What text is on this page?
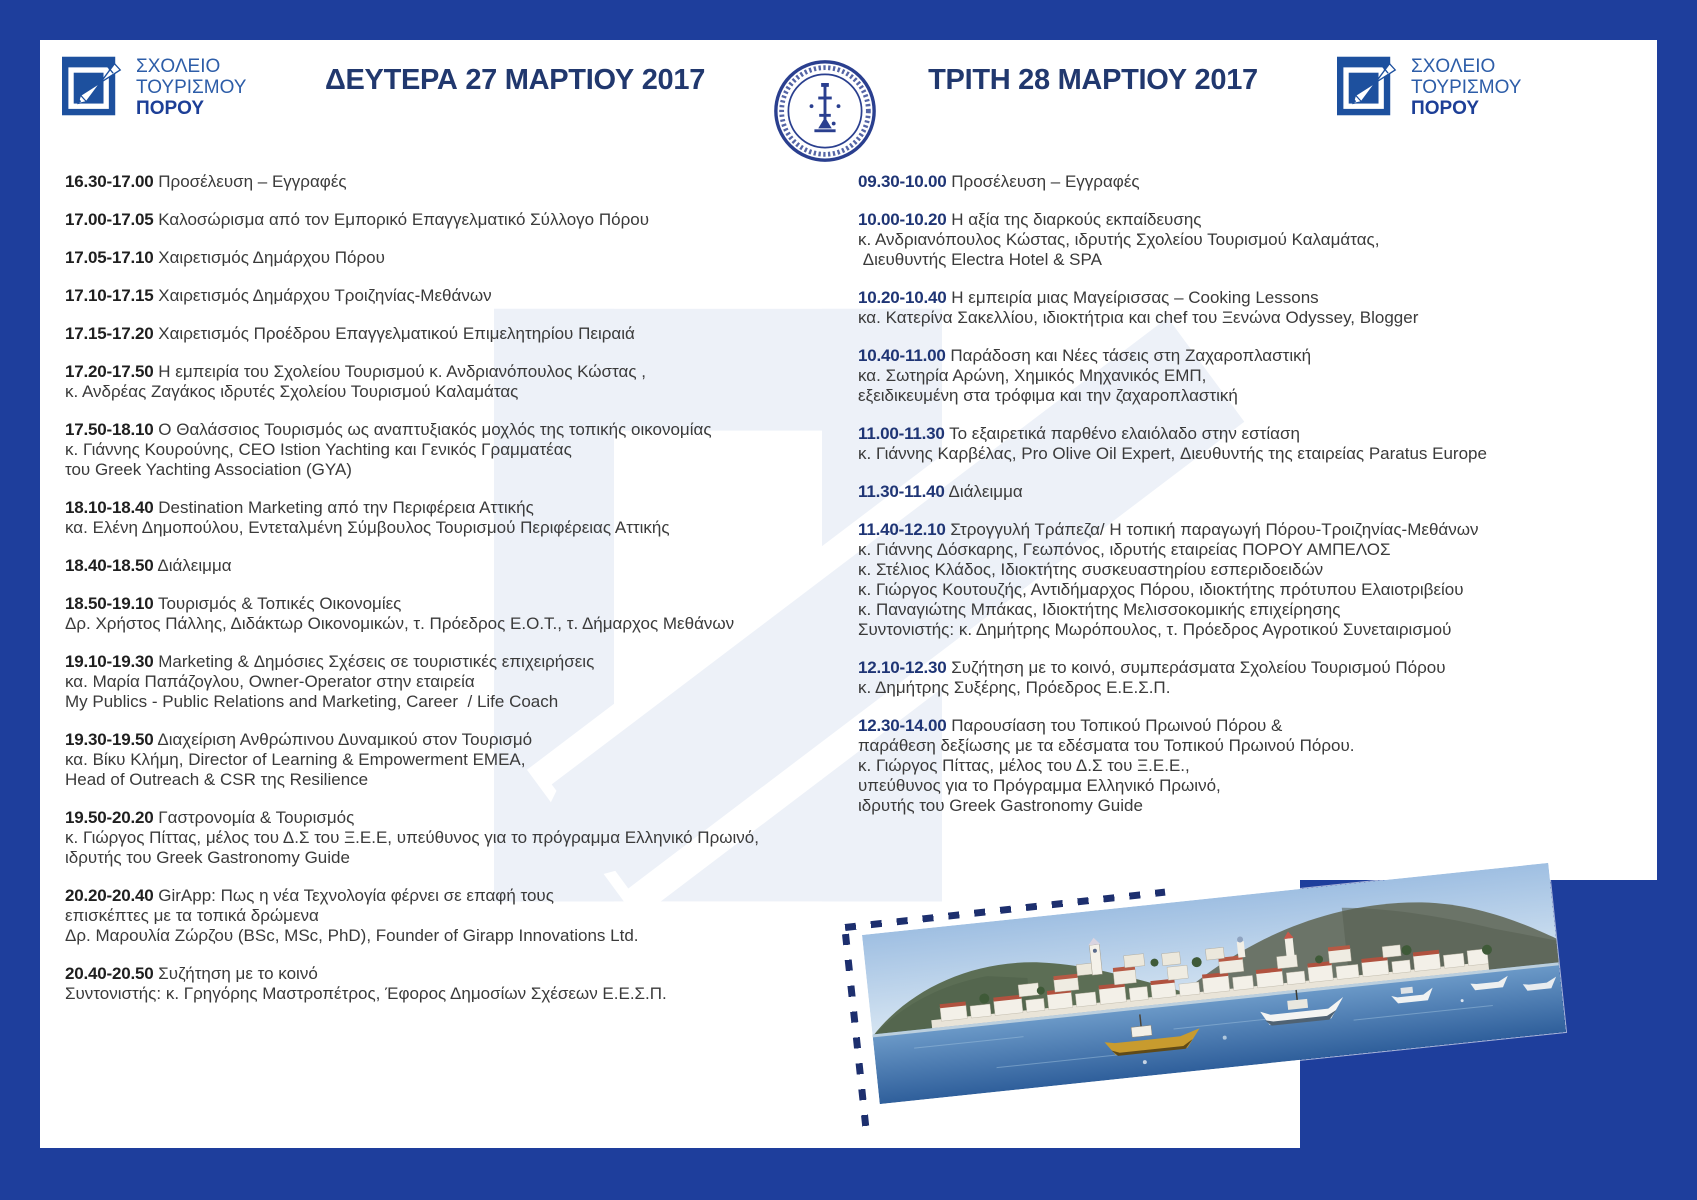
ΣΧΟΛΕΙΟ
ΤΟΥΡΙΣΜΟΥ
ΠΟΡΟΥ
ΣΧΟΛΕΙΟ
ΤΟΥΡΙΣΜΟΥ
ΠΟΡΟΥ
ΔΕΥΤΕΡΑ 27 ΜΑΡΤΙΟΥ 2017	ΤΡΙΤΗ 28 ΜΑΡΤΙΟΥ 2017
16.30-17.00 Προσέλευση – Εγγραφές
17.00-17.05 Καλοσώρισμα από τον Εμπορικό Επαγγελματικό Σύλλογο Πόρου
17.05-17.10 Χαιρετισμός Δημάρχου Πόρου
17.10-17.15 Χαιρετισμός Δημάρχου Τροιζηνίας-Μεθάνων
17.15-17.20 Χαιρετισμός Προέδρου Επαγγελματικού Επιμελητηρίου Πειραιά
17.20-17.50 Η εμπειρία του Σχολείου Τουρισμού κ. Ανδριανόπουλος Κώστας ,
κ. Ανδρέας Ζαγάκος ιδρυτές Σχολείου Τουρισμού Καλαμάτας
17.50-18.10 Ο Θαλάσσιος Τουρισμός ως αναπτυξιακός μοχλός της τοπικής οικονομίας
κ. Γιάννης Κουρούνης, CEO Istion Yachting και Γενικός Γραμματέας
του Greek Yachting Association (GYA)
18.10-18.40 Destination Marketing από την Περιφέρεια Αττικής
κα. Ελένη Δημοπούλου, Εντεταλμένη Σύμβουλος Τουρισμού Περιφέρειας Αττικής
18.40-18.50 Διάλειμμα
18.50-19.10 Τουρισμός & Τοπικές Οικονομίες
Δρ. Χρήστος Πάλλης, Διδάκτωρ Οικονομικών, τ. Πρόεδρος Ε.Ο.Τ., τ. Δήμαρχος Μεθάνων
19.10-19.30 Marketing & Δημόσιες Σχέσεις σε τουριστικές επιχειρήσεις
κα. Μαρία Παπάζογλου, Owner-Operator στην εταιρεία
My Publics - Public Relations and Marketing, Career  / Life Coach
19.30-19.50 Διαχείριση Ανθρώπινου Δυναμικού στον Τουρισμό
κα. Βίκυ Κλήμη, Director of Learning & Empowerment EMEA,
Head of Outreach & CSR της Resilience
19.50-20.20 Γαστρονομία & Τουρισμός
κ. Γιώργος Πίττας, μέλος του Δ.Σ του Ξ.Ε.Ε, υπεύθυνος για το πρόγραμμα Ελληνικό Πρωινό,
ιδρυτής του Greek Gastronomy Guide
20.20-20.40 GirApp: Πως η νέα Τεχνολογία φέρνει σε επαφή τους
επισκέπτες με τα τοπικά δρώμενα
Δρ. Μαρουλία Ζώρζου (BSc, MSc, PhD), Founder of Girapp Innovations Ltd.
20.40-20.50 Συζήτηση με το κοινό
Συντονιστής: κ. Γρηγόρης Μαστροπέτρος, Έφορος Δημοσίων Σχέσεων Ε.Ε.Σ.Π.
09.30-10.00 Προσέλευση – Εγγραφές
10.00-10.20 Η αξία της διαρκούς εκπαίδευσης
κ. Ανδριανόπουλος Κώστας, ιδρυτής Σχολείου Τουρισμού Καλαμάτας,
Διευθυντής Electra Hotel & SPA
10.20-10.40 Η εμπειρία μιας Μαγείρισσας – Cooking Lessons
κα. Κατερίνα Σακελλίου, ιδιοκτήτρια και chef του Ξενώνα Odyssey, Blogger
10.40-11.00 Παράδοση και Νέες τάσεις στη Ζαχαροπλαστική
κα. Σωτηρία Αρώνη, Χημικός Μηχανικός ΕΜΠ,
εξειδικευμένη στα τρόφιμα και την ζαχαροπλαστική
11.00-11.30 Το εξαιρετικά παρθένο ελαιόλαδο στην εστίαση
κ. Γιάννης Καρβέλας, Pro Olive Oil Expert, Διευθυντής της εταιρείας Paratus Europe
11.30-11.40 Διάλειμμα
11.40-12.10 Στρογγυλή Τράπεζα/ Η τοπική παραγωγή Πόρου-Τροιζηνίας-Μεθάνων
κ. Γιάννης Δόσκαρης, Γεωπόνος, ιδρυτής εταιρείας ΠΟΡΟΥ ΑΜΠΕΛΟΣ
κ. Στέλιος Κλάδος, Ιδιοκτήτης συσκευαστηρίου εσπεριδοειδών
κ. Γιώργος Κουτουζής, Αντιδήμαρχος Πόρου, ιδιοκτήτης πρότυπου Ελαιοτριβείου
κ. Παναγιώτης Μπάκας, Ιδιοκτήτης Μελισσοκομικής επιχείρησης
Συντονιστής: κ. Δημήτρης Μωρόπουλος, τ. Πρόεδρος Αγροτικού Συνεταιρισμού
12.10-12.30 Συζήτηση με το κοινό, συμπεράσματα Σχολείου Τουρισμού Πόρου
κ. Δημήτρης Συξέρης, Πρόεδρος Ε.Ε.Σ.Π.
12.30-14.00 Παρουσίαση του Τοπικού Πρωινού Πόρου &
παράθεση δεξίωσης με τα εδέσματα του Τοπικού Πρωινού Πόρου.
κ. Γιώργος Πίττας, μέλος του Δ.Σ του Ξ.Ε.Ε.,
υπεύθυνος για το Πρόγραμμα Ελληνικό Πρωινό,
ιδρυτής του Greek Gastronomy Guide
